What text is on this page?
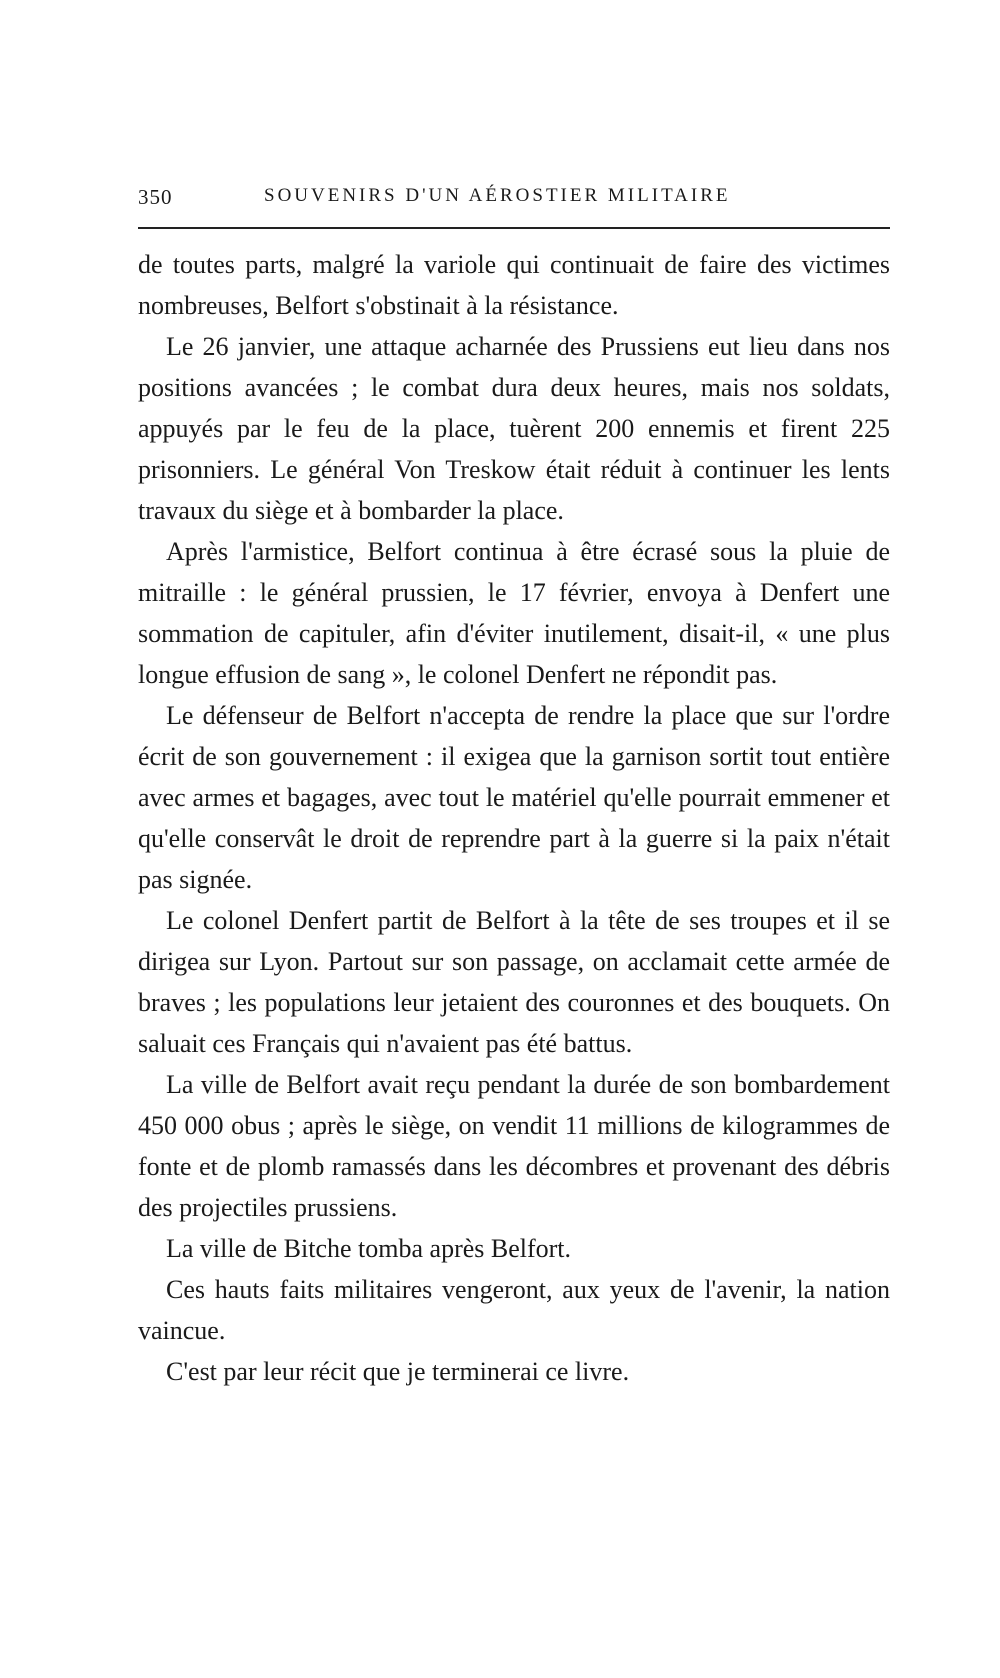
350	SOUVENIRS D'UN AÉROSTIER MILITAIRE

de toutes parts, malgré la variole qui continuait de faire des victimes nombreuses, Belfort s'obstinait à la résistance.

Le 26 janvier, une attaque acharnée des Prussiens eut lieu dans nos positions avancées ; le combat dura deux heures, mais nos soldats, appuyés par le feu de la place, tuèrent 200 ennemis et firent 225 prisonniers. Le général Von Treskow était réduit à continuer les lents travaux du siège et à bombarder la place.

Après l'armistice, Belfort continua à être écrasé sous la pluie de mitraille : le général prussien, le 17 février, envoya à Denfert une sommation de capituler, afin d'éviter inutilement, disait-il, « une plus longue effusion de sang », le colonel Denfert ne répondit pas.

Le défenseur de Belfort n'accepta de rendre la place que sur l'ordre écrit de son gouvernement : il exigea que la garnison sortit tout entière avec armes et bagages, avec tout le matériel qu'elle pourrait emmener et qu'elle conservât le droit de reprendre part à la guerre si la paix n'était pas signée.

Le colonel Denfert partit de Belfort à la tête de ses troupes et il se dirigea sur Lyon. Partout sur son passage, on acclamait cette armée de braves ; les populations leur jetaient des couronnes et des bouquets. On saluait ces Français qui n'avaient pas été battus.

La ville de Belfort avait reçu pendant la durée de son bombardement 450 000 obus ; après le siège, on vendit 11 millions de kilogrammes de fonte et de plomb ramassés dans les décombres et provenant des débris des projectiles prussiens.

La ville de Bitche tomba après Belfort.

Ces hauts faits militaires vengeront, aux yeux de l'avenir, la nation vaincue.

C'est par leur récit que je terminerai ce livre.
